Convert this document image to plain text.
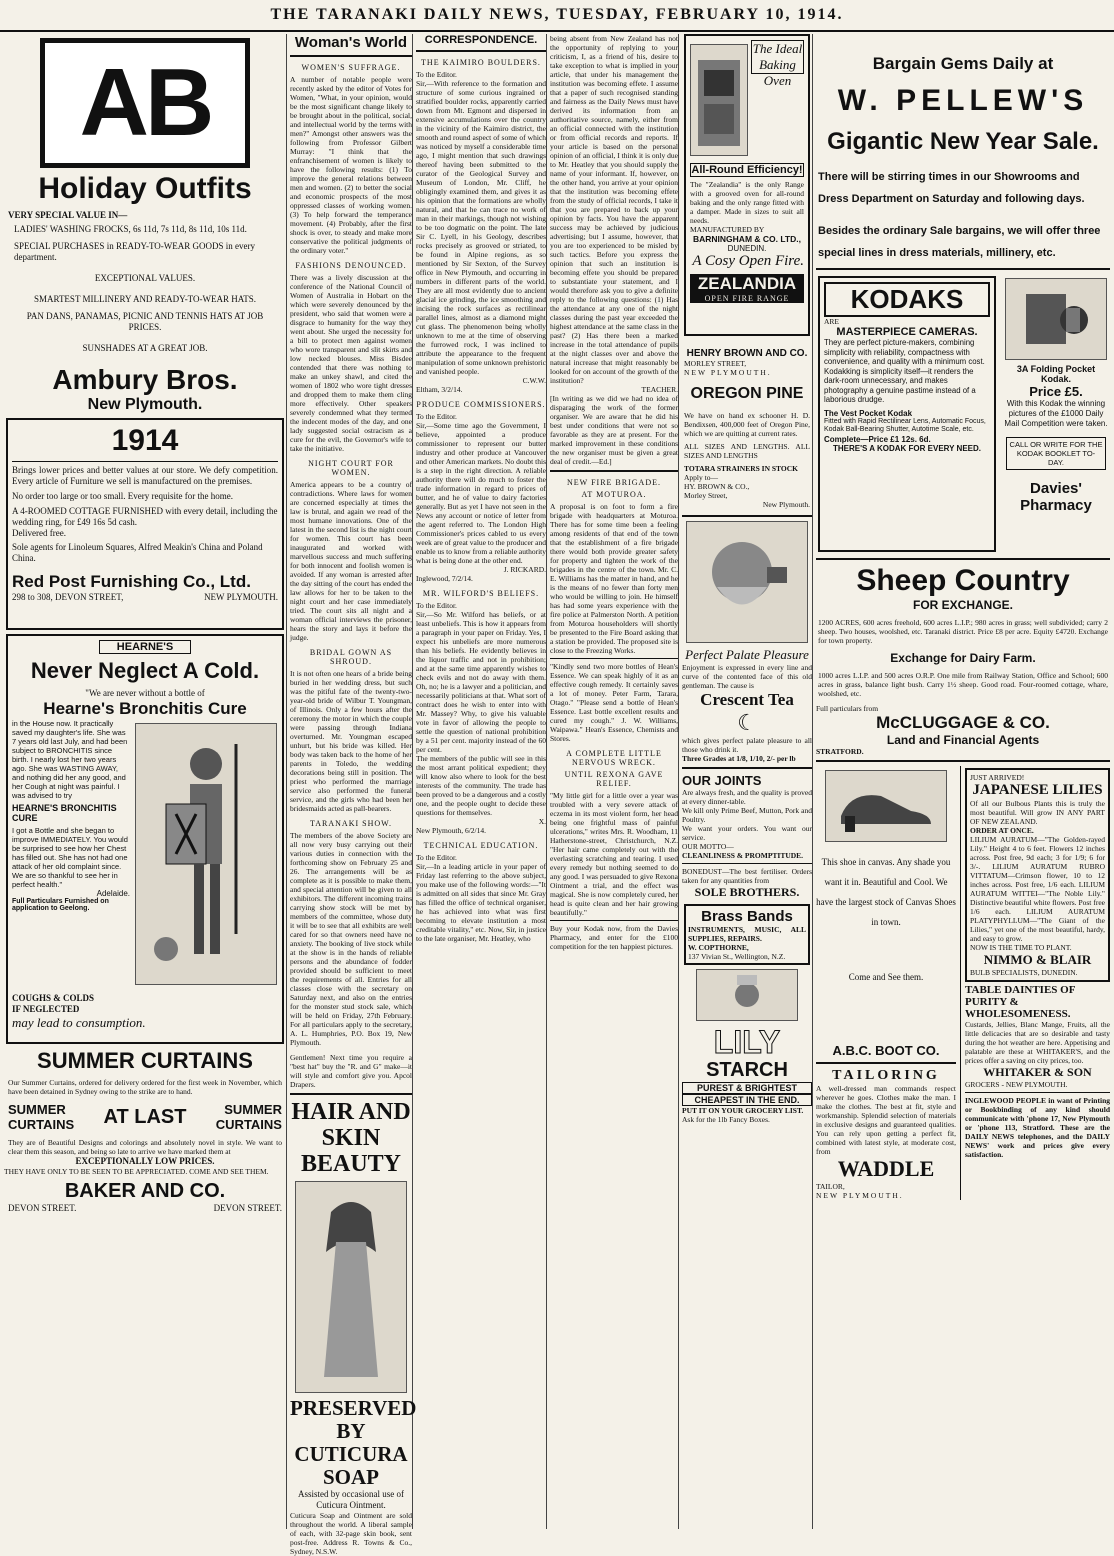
THE TARANAKI DAILY NEWS, TUESDAY, FEBRUARY 10, 1914.
AB
Holiday Outfits
VERY SPECIAL VALUE IN—
LADIES' WASHING FROCKS, 6s 11d, 7s 11d, 8s 11d, 10s 11d.
SPECIAL PURCHASES in READY-TO-WEAR GOODS in every department.
EXCEPTIONAL VALUES.
SMARTEST MILLINERY AND READY-TO-WEAR HATS.
PAN DANS, PANAMAS, PICNIC AND TENNIS HATS AT JOB PRICES.
SUNSHADES AT A GREAT JOB.
Ambury Bros.
New Plymouth.
1914
Brings lower prices and better values at our store. We defy competition. Every article of Furniture we sell is manufactured on the premises.
No order too large or too small. Every requisite for the home.
A 4-ROOMED COTTAGE FURNISHED with every detail, including the wedding ring, for £49 16s 5d cash.
Delivered free.
Sole agents for Linoleum Squares, Alfred Meakin's China and Poland China.
Red Post Furnishing Co., Ltd.
298 to 308, DEVON STREET,	NEW PLYMOUTH.
HEARNE'S
Never Neglect A Cold.
"We are never without a bottle of
Hearne's Bronchitis Cure
in the House now. It practically saved my daughter's life. She was 7 years old last July, and had been subject to BRONCHITIS since birth. I nearly lost her two years ago. She was WASTING AWAY, and nothing did her any good, and her Cough at night was painful. I was advised to try
HEARNE'S BRONCHITIS CURE
I got a Bottle and she began to improve IMMEDIATELY. You would be surprised to see how her Chest has filled out. She has not had one attack of her old complaint since. We are so thankful to see her in perfect health."
Adelaide.
Full Particulars Furnished on application to Geelong.
COUGHS & COLDS
IF NEGLECTED
may lead to consumption.
SUMMER CURTAINS
Our Summer Curtains, ordered for delivery ordered for the first week in November, which have been detained in Sydney owing to the strike are to hand.
SUMMER CURTAINS AT LAST	SUMMER CURTAINS
They are of Beautiful Designs and colorings and absolutely novel in style. We want to clear them this season, and being so late to arrive we have marked them at
EXCEPTIONALLY LOW PRICES.
THEY HAVE ONLY TO BE SEEN TO BE APPRECIATED. COME AND SEE THEM.
BAKER AND CO.
DEVON STREET.	DEVON STREET.
Woman's World
WOMEN'S SUFFRAGE.
A number of notable people were recently asked by the editor of Votes for Women, "What, in your opinion, would be the most significant change likely to be brought about in the political, social, and intellectual world by the terms with men?" Amongst other answers was the following from Professor Gilbert Murray: "I think that the enfranchisement of women is likely to have the following results: (1) To improve the general relations between men and women. (2) to better the social and economic prospects of the most oppressed classes of working women. (3) To help forward the temperance movement. (4) Probably, after the first shock is over, to steady and make more conservative the political judgments of the ordinary voter."
FASHIONS DENOUNCED.
There was a lively discussion at the conference of the National Council of Women of Australia in Hobart on the which were severely denounced by the president, who said that women were a disgrace to humanity for the way they went about. She urged the necessity for a bill to protect men against women who wore transparent and slit skirts and low necked blouses. Miss Bisdee contended that there was nothing to make an unkey shawl, and cited the women of 1802 who wore tight dresses and dropped them to make them cling more effectively. Other speakers severely condemned what they termed the indecent modes of the day, and one lady suggested social ostracism as a cure for the evil, the Governor's wife to take the initiative.
NIGHT COURT FOR WOMEN.
America appears to be a country of contradictions. Where laws for women are concerned especially at times the law is brutal, and again we read of the most humane innovations. One of the latest in the second list is the night court for women. This court has been inaugurated and worked with marvellous success and much suffering for both innocent and foolish women is avoided. If any woman is arrested after the day sitting of the court has ended the law allows for her to be taken to the night court and her case immediately tried. The court sits all night and a woman official interviews the prisoner, hears the story and lays it before the judge.
BRIDAL GOWN AS SHROUD.
It is not often one hears of a bride being buried in her wedding dress, but such was the pitiful fate of the twenty-two-year-old bride of Wilbur T. Youngman, of Illinois. Only a few hours after the ceremony the motor in which the couple were passing through Indiana overturned. Mr. Youngman escaped unhurt, but his bride was killed. Her body was taken back to the home of her parents in Toledo, the wedding decorations being still in position. The priest who performed the marriage service also performed the funeral service, and the girls who had been her bridesmaids acted as pall-bearers.
TARANAKI SHOW.
The members of the above Society are all now very busy carrying out their various duties in connection with the forthcoming show on February 25 and 26. The arrangements will be as complete as it is possible to make them, and special attention will be given to all exhibitors. The different incoming trains carrying show stock will be met by members of the committee, whose duty it will be to see that all exhibits are well cared for so that owners need have no anxiety. The booking of live stock while at the show is in the hands of reliable persons and the abundance of fodder provided should be sufficient to meet the requirements of all. Entries for all classes close with the secretary on Saturday next, and also on the entries for the monster stud stock sale, which will be held on Friday, 27th February. For all particulars apply to the secretary, A. L. Humphries, P.O. Box 19, New Plymouth.
Gentlemen! Next time you require a "best hat" buy the "R. and G" make—it will style and comfort give you. Apcol Drapers.
HAIR AND SKIN BEAUTY
PRESERVED BY CUTICURA SOAP
Assisted by occasional use of Cuticura Ointment.
Cuticura Soap and Ointment are sold throughout the world. A liberal sample of each, with 32-page skin book, sent post-free. Address R. Towns & Co., Sydney, N.S.W.
CORRESPONDENCE.
THE KAIMIRO BOULDERS.
To the Editor.
Sir,—With reference to the formation and structure of some curious ingrained or stratified boulder rocks, apparently carried down from Mt. Egmont and dispersed in extensive accumulations over the country in the vicinity of the Kaimiro district, the smooth and round aspect of some of which was noticed by myself a considerable time ago, I might mention that such drawings thereof having been submitted to the curator of the Geological Survey and Museum of London, Mr. Cliff, he obligingly examined them, and gives it as his opinion that the formations are wholly natural, and that he can trace no work of man in their markings, though not wishing to be too dogmatic on the point. The late Sir C. Lyell, in his Geology, describes rocks precisely as grooved or striated, to be found in Alpine regions, as so mentioned by Sir Sexton, of the Survey office in New Plymouth, and occurring in numbers in different parts of the world. They are all most evidently due to ancient glacial ice grinding, the ice smoothing and incising the rock surfaces as rectilinear parallel lines, almost as a diamond might cut glass. The phenomenon being wholly unknown to me at the time of observing the furrowed rock, I was inclined to attribute the appearance to the frequent manipulation of some unknown prehistoric and vanished people.
C.W.W.
Eltham, 3/2/14.
PRODUCE COMMISSIONERS.
To the Editor.
Sir,—Some time ago the Government, I believe, appointed a produce commissioner to represent our butter industry and other produce at Vancouver and other American markets. No doubt this is a step in the right direction. A reliable authority there will do much to foster the trade information in regard to prices of butter, and he of value to dairy factories generally. But as yet I have not seen in the News any account or notice of letter from the agent referred to. The London High Commissioner's prices cabled to us every week are of great value to the producer and enable us to know from a reliable authority what is being done at the other end.
J. RICKARD.
Inglewood, 7/2/14.
MR. WILFORD'S BELIEFS.
To the Editor.
Sir,—So Mr. Wilford has beliefs, or at least unbeliefs. This is how it appears from a paragraph in your paper on Friday. Yes, I expect his unbeliefs are more numerous than his beliefs. He evidently believes in the liquor traffic and not in prohibition; and at the same time apparently wishes to check evils and not do away with them. Oh, no; he is a lawyer and a politician, and necessarily politicians at that. What sort of contract does he wish to enter into with Mr. Massey? Why, to give his valuable vote in favor of allowing the people to settle the question of national prohibition by a 51 per cent. majority instead of the 60 per cent.
The members of the public will see in this the most arrant political expedient; they will know also where to look for the best interests of the community. The trade has been proved to be a dangerous and a costly one, and the people ought to decide these questions for themselves.
X.
New Plymouth, 6/2/14.
TECHNICAL EDUCATION.
To the Editor.
Sir,—In a leading article in your paper of Friday last referring to the above subject, you make use of the following words:—"It is admitted on all sides that since Mr. Gray has filled the office of technical organiser, he has achieved into what was first becoming to elevate institution a most creditable vitality," etc. Now, Sir, in justice to the late organiser, Mr. Heatley, who
being absent from New Zealand has not the opportunity of replying to your criticism, I, as a friend of his, desire to take exception to what is implied in your article, that under his management the institution was becoming effete. I assume that a paper of such recognised standing and fairness as the Daily News must have derived its information from an authoritative source, namely, either from an official connected with the institution or from official records and reports. If your article is based on the personal opinion of an official, I think it is only due to Mr. Heatley that you should supply the name of your informant. If, however, on the other hand, you arrive at your opinion that the institution was becoming effete from the study of official records, I take it that you are prepared to back up your opinion by facts. You have the apparent success may be achieved by judicious advertising; but I assume, however, that you are too experienced to be misled by such tactics. Before you express the opinion that such an institution is becoming effete you should be prepared to substantiate your statement, and I would therefore ask you to give a definite reply to the following questions: (1) Has the attendance at any one of the night classes during the past year exceeded the highest attendance at the same class in the past? (2) Has there been a marked increase in the total attendance of pupils at the night classes over and above the natural increase that might reasonably be looked for on account of the growth of the institution?
TEACHER.
[In writing as we did we had no idea of disparaging the work of the former organiser. We are aware that he did his best under conditions that were not so favorable as they are at present. For the marked improvement in these conditions the new organiser must be given a great deal of credit.—Ed.]
NEW FIRE BRIGADE.
AT MOTUROA.
A proposal is on foot to form a fire brigade with headquarters at Moturoa. There has for some time been a feeling among residents of that end of the town that the establishment of a fire brigade there would both provide greater safety for property and tighten the work of the brigades in the centre of the town. Mr. C. E. Williams has the matter in hand, and he is the means of no fewer than forty men who would be willing to join. He himself has had some years experience with the fire police at Palmerston North. A petition from Moturoa householders will shortly be presented to the Fire Board asking that a station be provided. The proposed site is close to the Freezing Works.
"Kindly send two more bottles of Hean's Essence. We can speak highly of it as an effective cough remedy. It certainly saves a lot of money. Peter Farm, Tarara, Otago." "Please send a bottle of Hean's Essence. Last bottle excellent results and cured my cough." J. W. Williams, Waipawa." Hean's Essence, Chemists and Stores.
A COMPLETE LITTLE NERVOUS WRECK.
UNTIL REXONA GAVE RELIEF.
"My little girl for a little over a year was troubled with a very severe attack of eczema in its most violent form, her head being one frightful mass of painful ulcerations," writes Mrs. R. Woodham, 11 Hatherstone-street, Christchurch, N.Z. "Her hair came completely out with the everlasting scratching and tearing. I used every remedy but nothing seemed to do any good. I was persuaded to give Rexona Ointment a trial, and the effect was magical. She is now completely cured, her head is quite clean and her hair growing beautifully."
Buy your Kodak now, from the Davies Pharmacy, and enter for the £100 competition for the ten happiest pictures.
The Ideal Baking Oven
All-Round Efficiency!
The "Zealandia" is the only Range with a grooved oven for all-round baking and the only range fitted with a damper. Made in sizes to suit all needs.
MANUFACTURED BY
BARNINGHAM & CO. LTD.,
DUNEDIN.
A Cosy Open Fire.
ZEALANDIA
OPEN FIRE RANGE
HENRY BROWN AND CO.
MORLEY STREET,
NEW PLYMOUTH.
OREGON PINE
We have on hand ex schooner H. D. Bendixsen, 400,000 feet of Oregon Pine, which we are quitting at current rates.
ALL SIZES AND LENGTHS. ALL SIZES AND LENGTHS
TOTARA STRAINERS IN STOCK
Apply to—
HY. BROWN & CO.,
Morley Street,
New Plymouth.
Perfect Palate Pleasure
Enjoyment is expressed in every line and curve of the contented face of this old gentleman. The cause is
Crescent Tea
☾
which gives perfect palate pleasure to all those who drink it.
Three Grades at 1/8, 1/10, 2/- per lb
OUR JOINTS
Are always fresh, and the quality is proved at every dinner-table.
We kill only Prime Beef, Mutton, Pork and Poultry.
We want your orders. You want our service.
OUR MOTTO—
CLEANLINESS & PROMPTITUDE.
BONEDUST—The best fertiliser. Orders taken for any quantities from
SOLE BROTHERS.
Brass Bands
INSTRUMENTS, MUSIC, ALL SUPPLIES, REPAIRS.
W. COPTHORNE,
137 Vivian St., Wellington, N.Z.
LILY
STARCH
PUREST & BRIGHTEST
CHEAPEST IN THE END.
PUT IT ON YOUR GROCERY LIST.
Ask for the 1lb Fancy Boxes.
Bargain Gems Daily at
W. PELLEW'S
Gigantic New Year Sale.
There will be stirring times in our Showrooms and Dress Department on Saturday and following days.
Besides the ordinary Sale bargains, we will offer three special lines in dress materials, millinery, etc.
KODAKS
ARE
MASTERPIECE CAMERAS.
They are perfect picture-makers, combining simplicity with reliability, compactness with convenience, and quality with a minimum cost. Kodakking is simplicity itself—it renders the dark-room unnecessary, and makes photography a genuine pastime instead of a laborious drudge.
The Vest Pocket Kodak
Fitted with Rapid Rectilinear Lens, Automatic Focus, Kodak Ball-Bearing Shutter, Autotime Scale, etc.
Complete—Price £1 12s. 6d.
THERE'S A KODAK FOR EVERY NEED.
3A Folding Pocket Kodak.
Price £5.
With this Kodak the winning pictures of the £1000 Daily Mail Competition were taken.
CALL OR WRITE FOR THE KODAK BOOKLET TO-DAY.
Davies' Pharmacy
Sheep Country
FOR EXCHANGE.
1200 ACRES, 600 acres freehold, 600 acres L.I.P.; 980 acres in grass; well subdivided; carry 2 sheep. Two houses, woolshed, etc. Taranaki district. Price £8 per acre. Equity £4720. Exchange for town property.
Exchange for Dairy Farm.
1000 acres L.I.P. and 500 acres O.R.P. One mile from Railway Station, Office and School; 600 acres in grass, balance light bush. Carry 1½ sheep. Good road. Four-roomed cottage, whare, woolshed, etc.
Full particulars from
McCLUGGAGE & CO.
Land and Financial Agents
STRATFORD.
This shoe in canvas. Any shade you want it in. Beautiful and Cool. We have the largest stock of Canvas Shoes in town.
Come and See them.
A.B.C. BOOT CO.
TAILORING
A well-dressed man commands respect wherever he goes. Clothes make the man. I make the clothes. The best at fit, style and workmanship. Splendid selection of materials in exclusive designs and guaranteed qualities. You can rely upon getting a perfect fit, combined with latest style, at moderate cost, from
WADDLE
TAILOR,
NEW PLYMOUTH.
JUST ARRIVED!
JAPANESE LILIES
Of all our Bulbous Plants this is truly the most beautiful. Will grow IN ANY PART OF NEW ZEALAND.
ORDER AT ONCE.
LILIUM AURATUM—"The Golden-rayed Lily." Height 4 to 6 feet. Flowers 12 inches across. Post free, 9d each; 3 for 1/9; 6 for 3/-. LILIUM AURATUM RUBRO VITTATUM—Crimson flower, 10 to 12 inches across. Post free, 1/6 each. LILIUM AURATUM WITTEI—"The Noble Lily." Distinctive beautiful white flowers. Post free 1/6 each. LILIUM AURATUM PLATYPHYLLUM—"The Giant of the Lilies," yet one of the most beautiful, hardy, and easy to grow.
NOW IS THE TIME TO PLANT.
NIMMO & BLAIR
BULB SPECIALISTS, DUNEDIN.
TABLE DAINTIES OF PURITY & WHOLESOMENESS.
Custards, Jellies, Blanc Mange, Fruits, all the little delicacies that are so desirable and tasty during the hot weather are here. Appetising and palatable are these at WHITAKER'S, and the prices offer a saving on city prices, too.
WHITAKER & SON
GROCERS - NEW PLYMOUTH.
INGLEWOOD PEOPLE in want of Printing or Bookbinding of any kind should communicate with 'phone 17, New Plymouth or 'phone 113, Stratford. These are the DAILY NEWS telephones, and the DAILY NEWS' work and prices give every satisfaction.
